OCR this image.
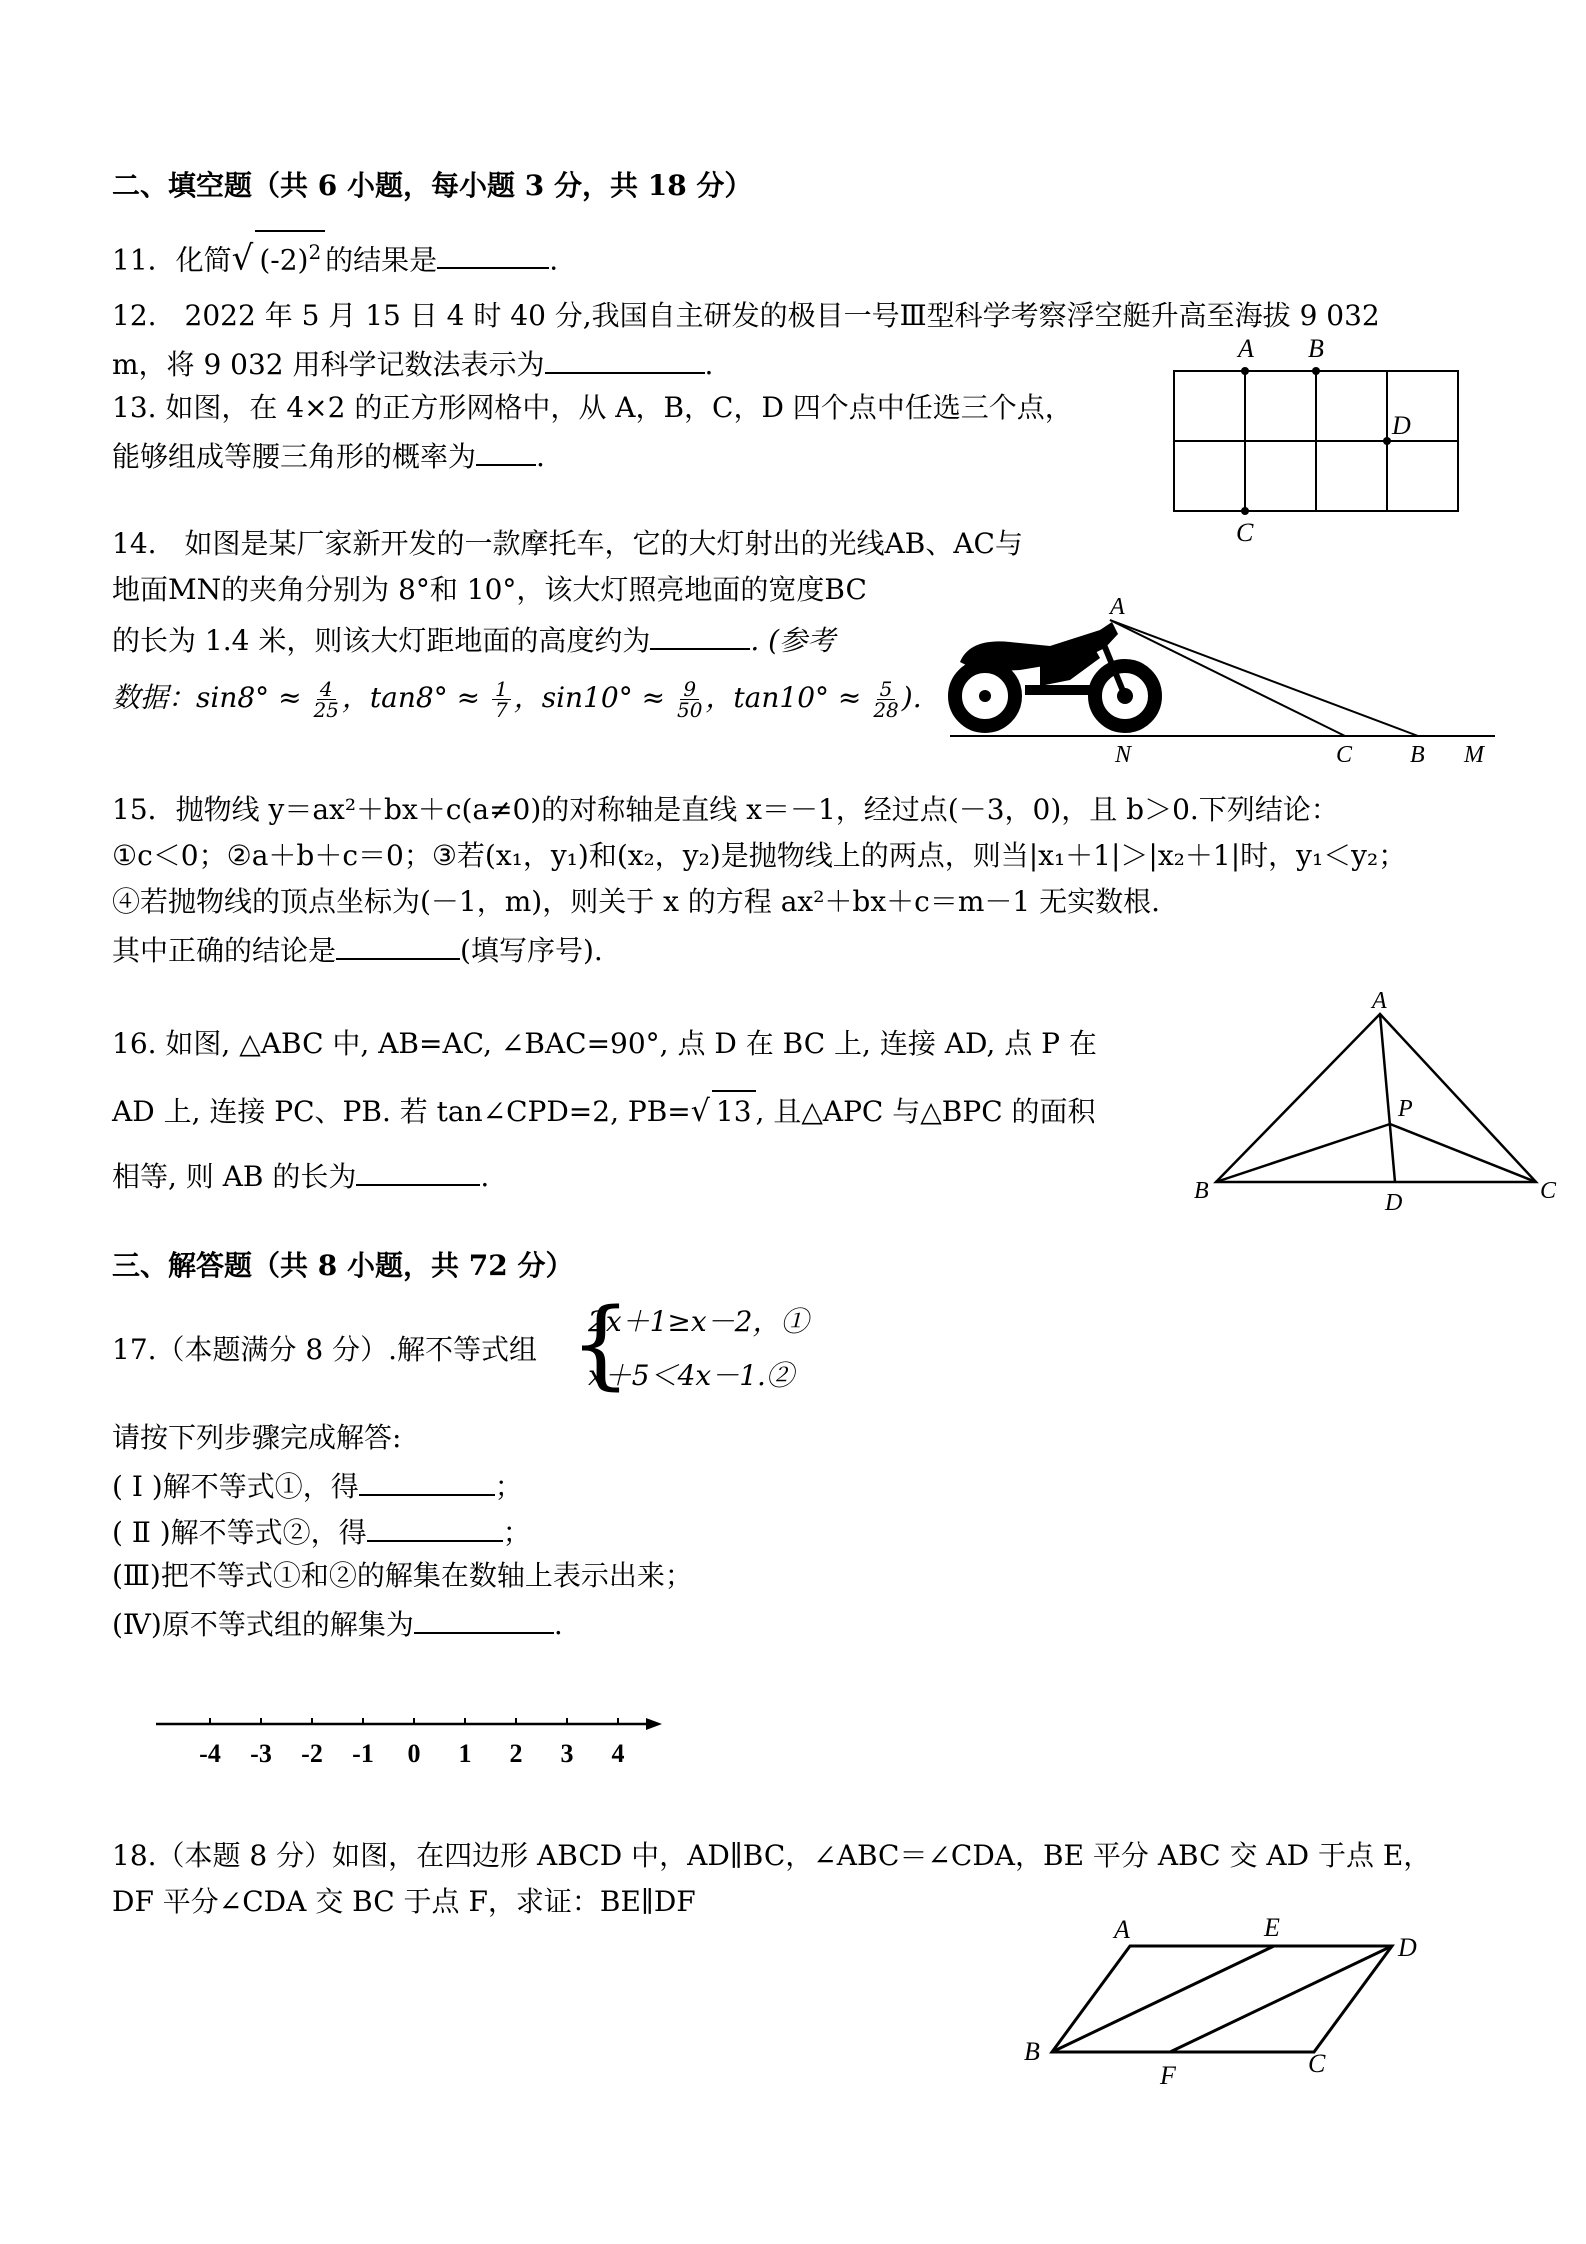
二、填空题（共 6 小题，每小题 3 分，共 18 分）
11．化简√ $(-2)^2$ 的结果是	.
12.　2022 年 5 月 15 日 4 时 40 分,我国自主研发的极目一号Ⅲ型科学考察浮空艇升高至海拔 9 032
m，将 9 032 用科学记数法表示为	.
13. 如图，在 4×2 的正方形网格中，从 A，B，C，D 四个点中任选三个点，
能够组成等腰三角形的概率为 .
A B
D
C
14.　如图是某厂家新开发的一款摩托车，它的大灯射出的光线AB、AC与
地面MN的夹角分别为 8°和 10°，该大灯照亮地面的宽度BC
的长为 1.4 米，则该大灯距地面的高度约为	. (参考
数据：$\sin 8^\circ \approx \frac{4}{25}$ ，$\tan 8^\circ \approx \frac{1}{7}$ ，$\sin 10^\circ \approx \frac{9}{50}$ ，$\tan 10^\circ \approx \frac{5}{28}$ ).
A
N	C B M
15．抛物线 y＝ax²＋bx＋c(a≠0)的对称轴是直线 x＝－1，经过点(－3，0)，且 b＞0.下列结论：
①c＜0；②a＋b＋c＝0；③若(x₁，y₁)和(x₂，y₂)是抛物线上的两点，则当|x₁＋1|＞|x₂＋1|时，y₁＜y₂；
④若抛物线的顶点坐标为(－1，m)，则关于 x 的方程 ax²＋bx＋c＝m－1 无实数根.
其中正确的结论是	(填写序号).
16. 如图, △ABC 中, AB=AC, ∠BAC=90°, 点 D 在 BC 上, 连接 AD, 点 P 在
AD 上, 连接 PC、PB. 若 tan∠CPD=2, PB=√ 13 , 且△APC 与△BPC 的面积
相等, 则 AB 的长为	.
A
P
B	D	C
三、解答题（共 8 小题，共 72 分）
17.（本题满分 8 分）.解不等式组 {
2x＋1≥x－2，①
x＋5＜4x－1.②
请按下列步骤完成解答:
( Ⅰ )解不等式①，得	；
( Ⅱ )解不等式②，得	；
(Ⅲ)把不等式①和②的解集在数轴上表示出来；
(Ⅳ)原不等式组的解集为	.
-4 -3 -2 -1 0 1 2 3 4
18.（本题 8 分）如图，在四边形 ABCD 中，AD∥BC，∠ABC＝∠CDA，BE 平分 ABC 交 AD 于点 E，
DF 平分∠CDA 交 BC 于点 F，求证：BE∥DF
A	E
D
B
F	C
